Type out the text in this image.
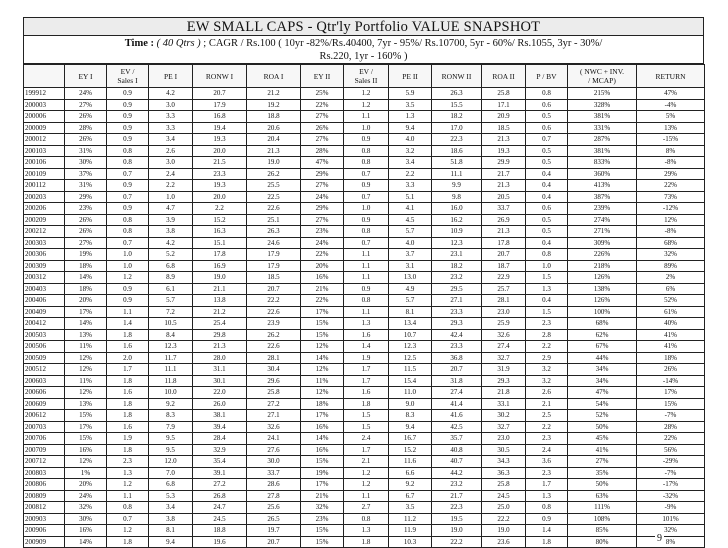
EW SMALL CAPS - Qtr'ly Portfolio VALUE SNAPSHOT
Time : ( 40 Qtrs ) ; CAGR / Rs.100 ( 10yr -82%/Rs.40400, 7yr - 95%/ Rs.10700, 5yr - 60%/ Rs.1055, 3yr - 30%/
Rs.220, 1yr - 160% )
	EY I	EV /
Sales I	PE I	RONW I	ROA I	EY II	EV /
Sales II	PE II	RONW II	ROA II	P / BV	( NWC + INV.
/ MCAP)	RETURN
199912	24%	0.9	4.2	20.7	21.2	25%	1.2	5.9	26.3	25.8	0.8	215%	47%
200003	27%	0.9	3.0	17.9	19.2	22%	1.2	3.5	15.5	17.1	0.6	328%	-4%
200006	26%	0.9	3.3	16.8	18.8	27%	1.1	1.3	18.2	20.9	0.5	381%	5%
200009	28%	0.9	3.3	19.4	20.6	26%	1.0	9.4	17.0	18.5	0.6	331%	13%
200012	26%	0.9	3.4	19.3	20.4	27%	0.9	4.0	22.3	21.3	0.7	287%	-15%
200103	31%	0.8	2.6	20.0	21.3	28%	0.8	3.2	18.6	19.3	0.5	381%	8%
200106	30%	0.8	3.0	21.5	19.0	47%	0.8	3.4	51.8	29.9	0.5	833%	-8%
200109	37%	0.7	2.4	23.3	26.2	29%	0.7	2.2	11.1	21.7	0.4	360%	29%
200112	31%	0.9	2.2	19.3	25.5	27%	0.9	3.3	9.9	21.3	0.4	413%	22%
200203	29%	0.7	1.0	20.0	22.5	24%	0.7	5.1	9.8	20.5	0.4	387%	73%
200206	23%	0.9	4.7	2.2	22.6	29%	1.0	4.1	16.0	33.7	0.6	239%	-12%
200209	26%	0.8	3.9	15.2	25.1	27%	0.9	4.5	16.2	26.9	0.5	274%	12%
200212	26%	0.8	3.8	16.3	26.3	23%	0.8	5.7	10.9	21.3	0.5	271%	-8%
200303	27%	0.7	4.2	15.1	24.6	24%	0.7	4.0	12.3	17.8	0.4	309%	68%
200306	19%	1.0	5.2	17.8	17.9	22%	1.1	3.7	23.1	20.7	0.8	226%	32%
200309	18%	1.0	6.8	16.9	17.9	20%	1.1	3.1	18.2	18.7	1.0	218%	89%
200312	14%	1.2	8.9	19.0	18.5	16%	1.1	13.0	23.2	22.9	1.5	126%	2%
200403	18%	0.9	6.1	21.1	20.7	21%	0.9	4.9	29.5	25.7	1.3	138%	6%
200406	20%	0.9	5.7	13.8	22.2	22%	0.8	5.7	27.1	28.1	0.4	126%	52%
200409	17%	1.1	7.2	21.2	22.6	17%	1.1	8.1	23.3	23.0	1.5	100%	61%
200412	14%	1.4	10.5	25.4	23.9	15%	1.3	13.4	29.3	25.9	2.3	68%	40%
200503	13%	1.8	8.4	29.8	26.2	15%	1.6	10.7	42.4	32.6	2.8	62%	41%
200506	11%	1.6	12.3	21.3	22.6	12%	1.4	12.3	23.3	27.4	2.2	67%	41%
200509	12%	2.0	11.7	28.0	28.1	14%	1.9	12.5	36.8	32.7	2.9	44%	18%
200512	12%	1.7	11.1	31.1	30.4	12%	1.7	11.5	20.7	31.9	3.2	34%	26%
200603	11%	1.8	11.8	30.1	29.6	11%	1.7	15.4	31.8	29.3	3.2	34%	-14%
200606	12%	1.6	10.0	22.0	25.8	12%	1.6	11.0	27.4	21.8	2.6	47%	17%
200609	13%	1.8	9.2	26.0	27.2	18%	1.8	9.0	41.4	33.1	2.1	54%	15%
200612	15%	1.8	8.3	38.1	27.1	17%	1.5	8.3	41.6	30.2	2.5	52%	-7%
200703	17%	1.6	7.9	39.4	32.6	16%	1.5	9.4	42.5	32.7	2.2	50%	28%
200706	15%	1.9	9.5	28.4	24.1	14%	2.4	16.7	35.7	23.0	2.3	45%	22%
200709	16%	1.8	9.5	32.9	27.6	16%	1.7	15.2	40.8	30.5	2.4	41%	56%
200712	12%	2.3	12.0	35.4	30.0	15%	2.1	11.6	40.7	34.3	3.6	27%	-29%
200803	1%	1.3	7.0	39.1	33.7	19%	1.2	6.6	44.2	36.3	2.3	35%	-7%
200806	20%	1.2	6.8	27.2	28.6	17%	1.2	9.2	23.2	25.8	1.7	50%	-17%
200809	24%	1.1	5.3	26.8	27.8	21%	1.1	6.7	21.7	24.5	1.3	63%	-32%
200812	32%	0.8	3.4	24.7	25.6	32%	2.7	3.5	22.3	25.0	0.8	111%	-9%
200903	30%	0.7	3.8	24.5	26.5	23%	0.8	11.2	19.5	22.2	0.9	108%	101%
200906	16%	1.2	8.1	18.8	19.7	15%	1.3	11.9	19.0	19.0	1.4	85%	32%
200909	14%	1.8	9.4	19.6	20.7	15%	1.8	10.3	22.2	23.6	1.8	80%	8%
9
